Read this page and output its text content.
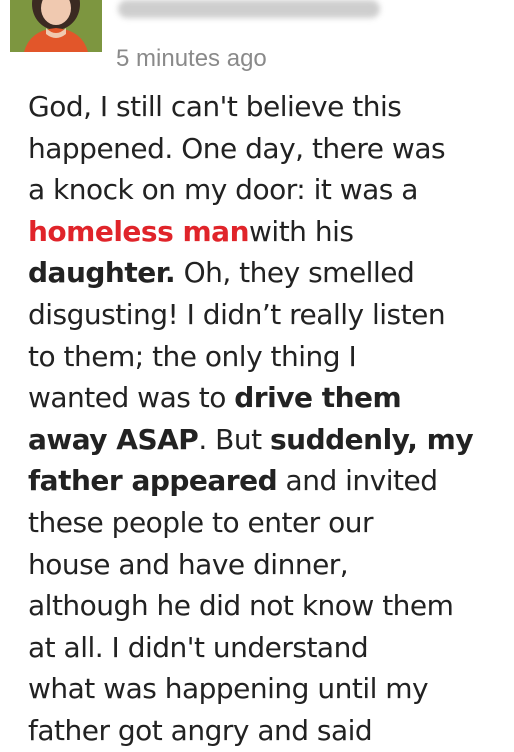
5 minutes ago
God, I still can't believe this
happened. One day, there was
a knock on my door: it was a
homeless manwith his
daughter. Oh, they smelled
disgusting! I didn’t really listen
to them; the only thing I
wanted was to drive them
away ASAP. But suddenly, my
father appeared and invited
these people to enter our
house and have dinner,
although he did not know them
at all. I didn't understand
what was happening until my
father got angry and said
